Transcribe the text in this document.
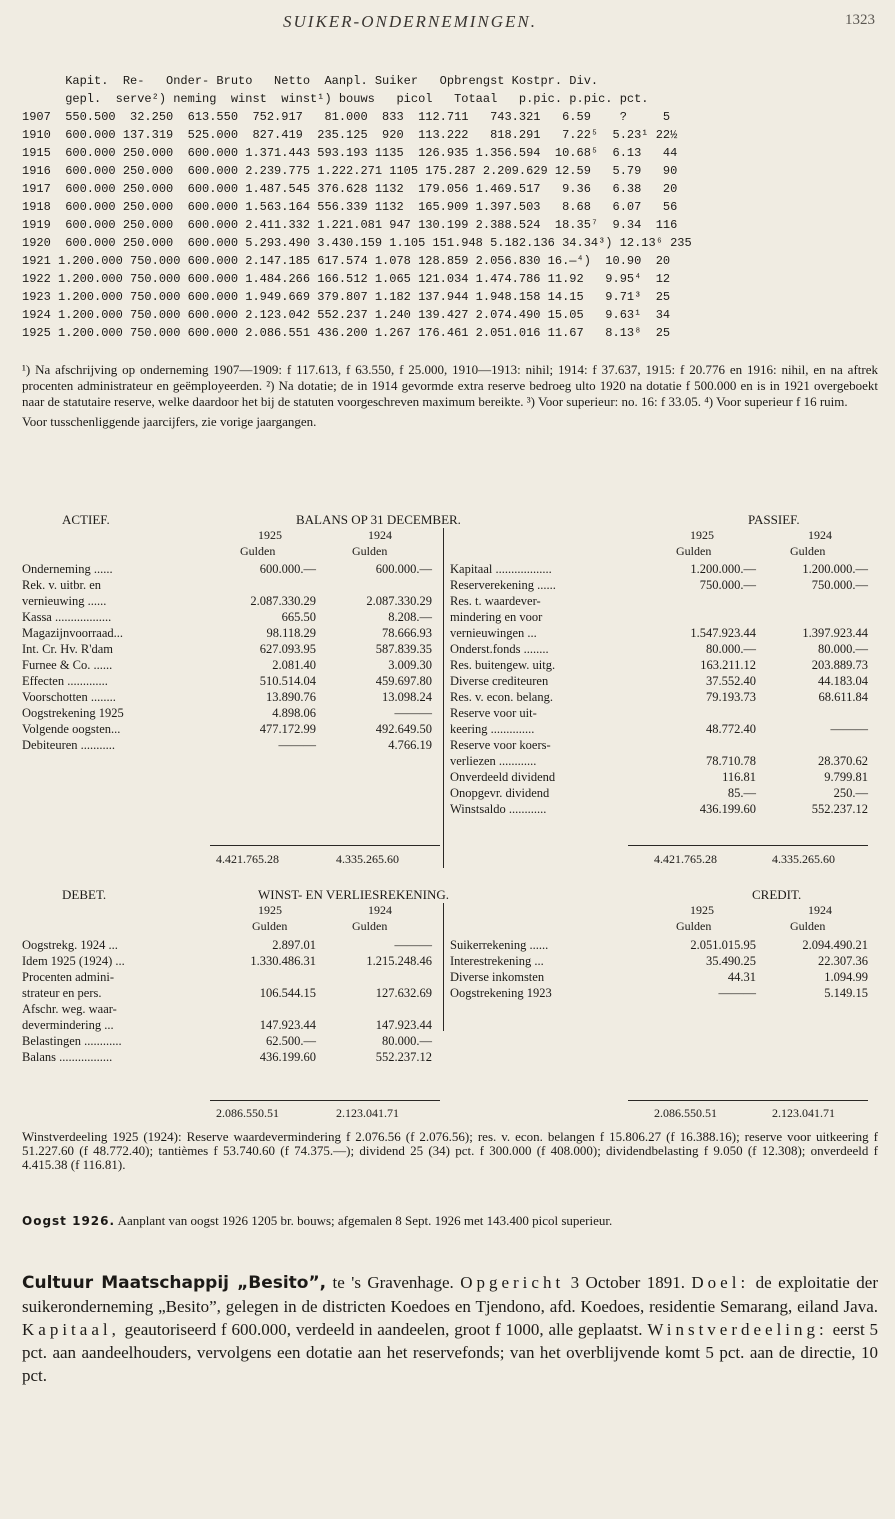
SUIKER-ONDERNEMINGEN.	1323
Kapit.  Re-   Onder- Bruto   Netto  Aanpl. Suiker   Opbrengst Kostpr. Div.
gepl.  serve²) neming  winst  winst¹) bouws   picol   Totaal   p.pic. p.pic. pct.
1907  550.500  32.250  613.550  752.917   81.000  833  112.711   743.321   6.59    ?     5
1910  600.000 137.319  525.000  827.419  235.125  920  113.222   818.291   7.22⁵  5.23¹ 22½
1915  600.000 250.000  600.000 1.371.443 593.193 1135  126.935 1.356.594  10.68⁵  6.13   44
1916  600.000 250.000  600.000 2.239.775 1.222.271 1105 175.287 2.209.629 12.59   5.79   90
1917  600.000 250.000  600.000 1.487.545 376.628 1132  179.056 1.469.517   9.36   6.38   20
1918  600.000 250.000  600.000 1.563.164 556.339 1132  165.909 1.397.503   8.68   6.07   56
1919  600.000 250.000  600.000 2.411.332 1.221.081 947 130.199 2.388.524  18.35⁷  9.34  116
1920  600.000 250.000  600.000 5.293.490 3.430.159 1.105 151.948 5.182.136 34.34³) 12.13⁶ 235
1921 1.200.000 750.000 600.000 2.147.185 617.574 1.078 128.859 2.056.830 16.—⁴)  10.90  20
1922 1.200.000 750.000 600.000 1.484.266 166.512 1.065 121.034 1.474.786 11.92   9.95⁴  12
1923 1.200.000 750.000 600.000 1.949.669 379.807 1.182 137.944 1.948.158 14.15   9.71³  25
1924 1.200.000 750.000 600.000 2.123.042 552.237 1.240 139.427 2.074.490 15.05   9.63¹  34
1925 1.200.000 750.000 600.000 2.086.551 436.200 1.267 176.461 2.051.016 11.67   8.13⁸  25

¹) Na afschrijving op onderneming 1907—1909: f 117.613, f 63.550, f 25.000, 1910—1913: nihil; 1914: f 37.637, 1915: f 20.776 en 1916: nihil, en na aftrek procenten administrateur en geëmployeerden. ²) Na dotatie; de in 1914 gevormde extra reserve bedroeg ulto 1920 na dotatie f 500.000 en is in 1921 overgeboekt naar de statutaire reserve, welke daardoor het bij de statuten voorgeschreven maximum bereikte. ³) Voor superieur: no. 16: f 33.05. ⁴) Voor superieur f 16 ruim.

Voor tusschenliggende jaarcijfers, zie vorige jaargangen.

ACTIEF.	BALANS OP 31 DECEMBER.	PASSIEF.
1925	1924
Gulden	Gulden
1925	1924
Gulden	Gulden
Onderneming ......	600.000.—	600.000.—
Rek. v. uitbr. en
vernieuwing ......	2.087.330.29	2.087.330.29
Kassa ..................	665.50	8.208.—
Magazijnvoorraad...	98.118.29	78.666.93
Int. Cr. Hv. R'dam	627.093.95	587.839.35
Furnee & Co. ......	2.081.40	3.009.30
Effecten .............	510.514.04	459.697.80
Voorschotten ........	13.890.76	13.098.24
Oogstrekening 1925	4.898.06	———
Volgende oogsten...	477.172.99	492.649.50
Debiteuren ...........	———	4.766.19
Kapitaal ..................	1.200.000.—	1.200.000.—
Reserverekening ......	750.000.—	750.000.—
Res. t. waardever-
mindering en voor
vernieuwingen ...	1.547.923.44	1.397.923.44
Onderst.fonds ........	80.000.—	80.000.—
Res. buitengew. uitg.	163.211.12	203.889.73
Diverse crediteuren	37.552.40	44.183.04
Res. v. econ. belang.	79.193.73	68.611.84
Reserve voor uit-
keering ..............	48.772.40	———
Reserve voor koers-
verliezen ............	78.710.78	28.370.62
Onverdeeld dividend	116.81	9.799.81
Onopgevr. dividend	85.—	250.—
Winstsaldo ............	436.199.60	552.237.12
4.421.765.28	4.335.265.60	4.421.765.28	4.335.265.60
DEBET.	WINST- EN VERLIESREKENING.	CREDIT.
1925	1924
Gulden	Gulden
1925	1924
Gulden	Gulden
Oogstrekg. 1924 ...	2.897.01	———
Idem 1925 (1924) ...	1.330.486.31	1.215.248.46
Procenten admini-
strateur en pers.	106.544.15	127.632.69
Afschr. weg. waar-
devermindering ...	147.923.44	147.923.44
Belastingen ............	62.500.—	80.000.—
Balans .................	436.199.60	552.237.12
Suikerrekening ......	2.051.015.95	2.094.490.21
Interestrekening ...	35.490.25	22.307.36
Diverse inkomsten	44.31	1.094.99
Oogstrekening 1923	———	5.149.15
2.086.550.51	2.123.041.71	2.086.550.51	2.123.041.71

Winstverdeeling 1925 (1924): Reserve waardevermindering f 2.076.56 (f 2.076.56); res. v. econ. belangen f 15.806.27 (f 16.388.16); reserve voor uitkeering f 51.227.60 (f 48.772.40); tantièmes f 53.740.60 (f 74.375.—); dividend 25 (34) pct. f 300.000 (f 408.000); dividendbelasting f 9.050 (f 12.308); onverdeeld f 4.415.38 (f 116.81).

Oogst 1926. Aanplant van oogst 1926 1205 br. bouws; afgemalen 8 Sept. 1926 met 143.400 picol superieur.

Cultuur Maatschappij „Besito”, te 's Gravenhage. Opgericht 3 October 1891. Doel: de exploitatie der suikeronderneming „Besito”, gelegen in de districten Koedoes en Tjendono, afd. Koedoes, residentie Semarang, eiland Java. Kapitaal, geautoriseerd f 600.000, verdeeld in aandeelen, groot f 1000, alle geplaatst. Winstverdeeling: eerst 5 pct. aan aandeelhouders, vervolgens een dotatie aan het reservefonds; van het overblijvende komt 5 pct. aan de directie, 10 pct.
